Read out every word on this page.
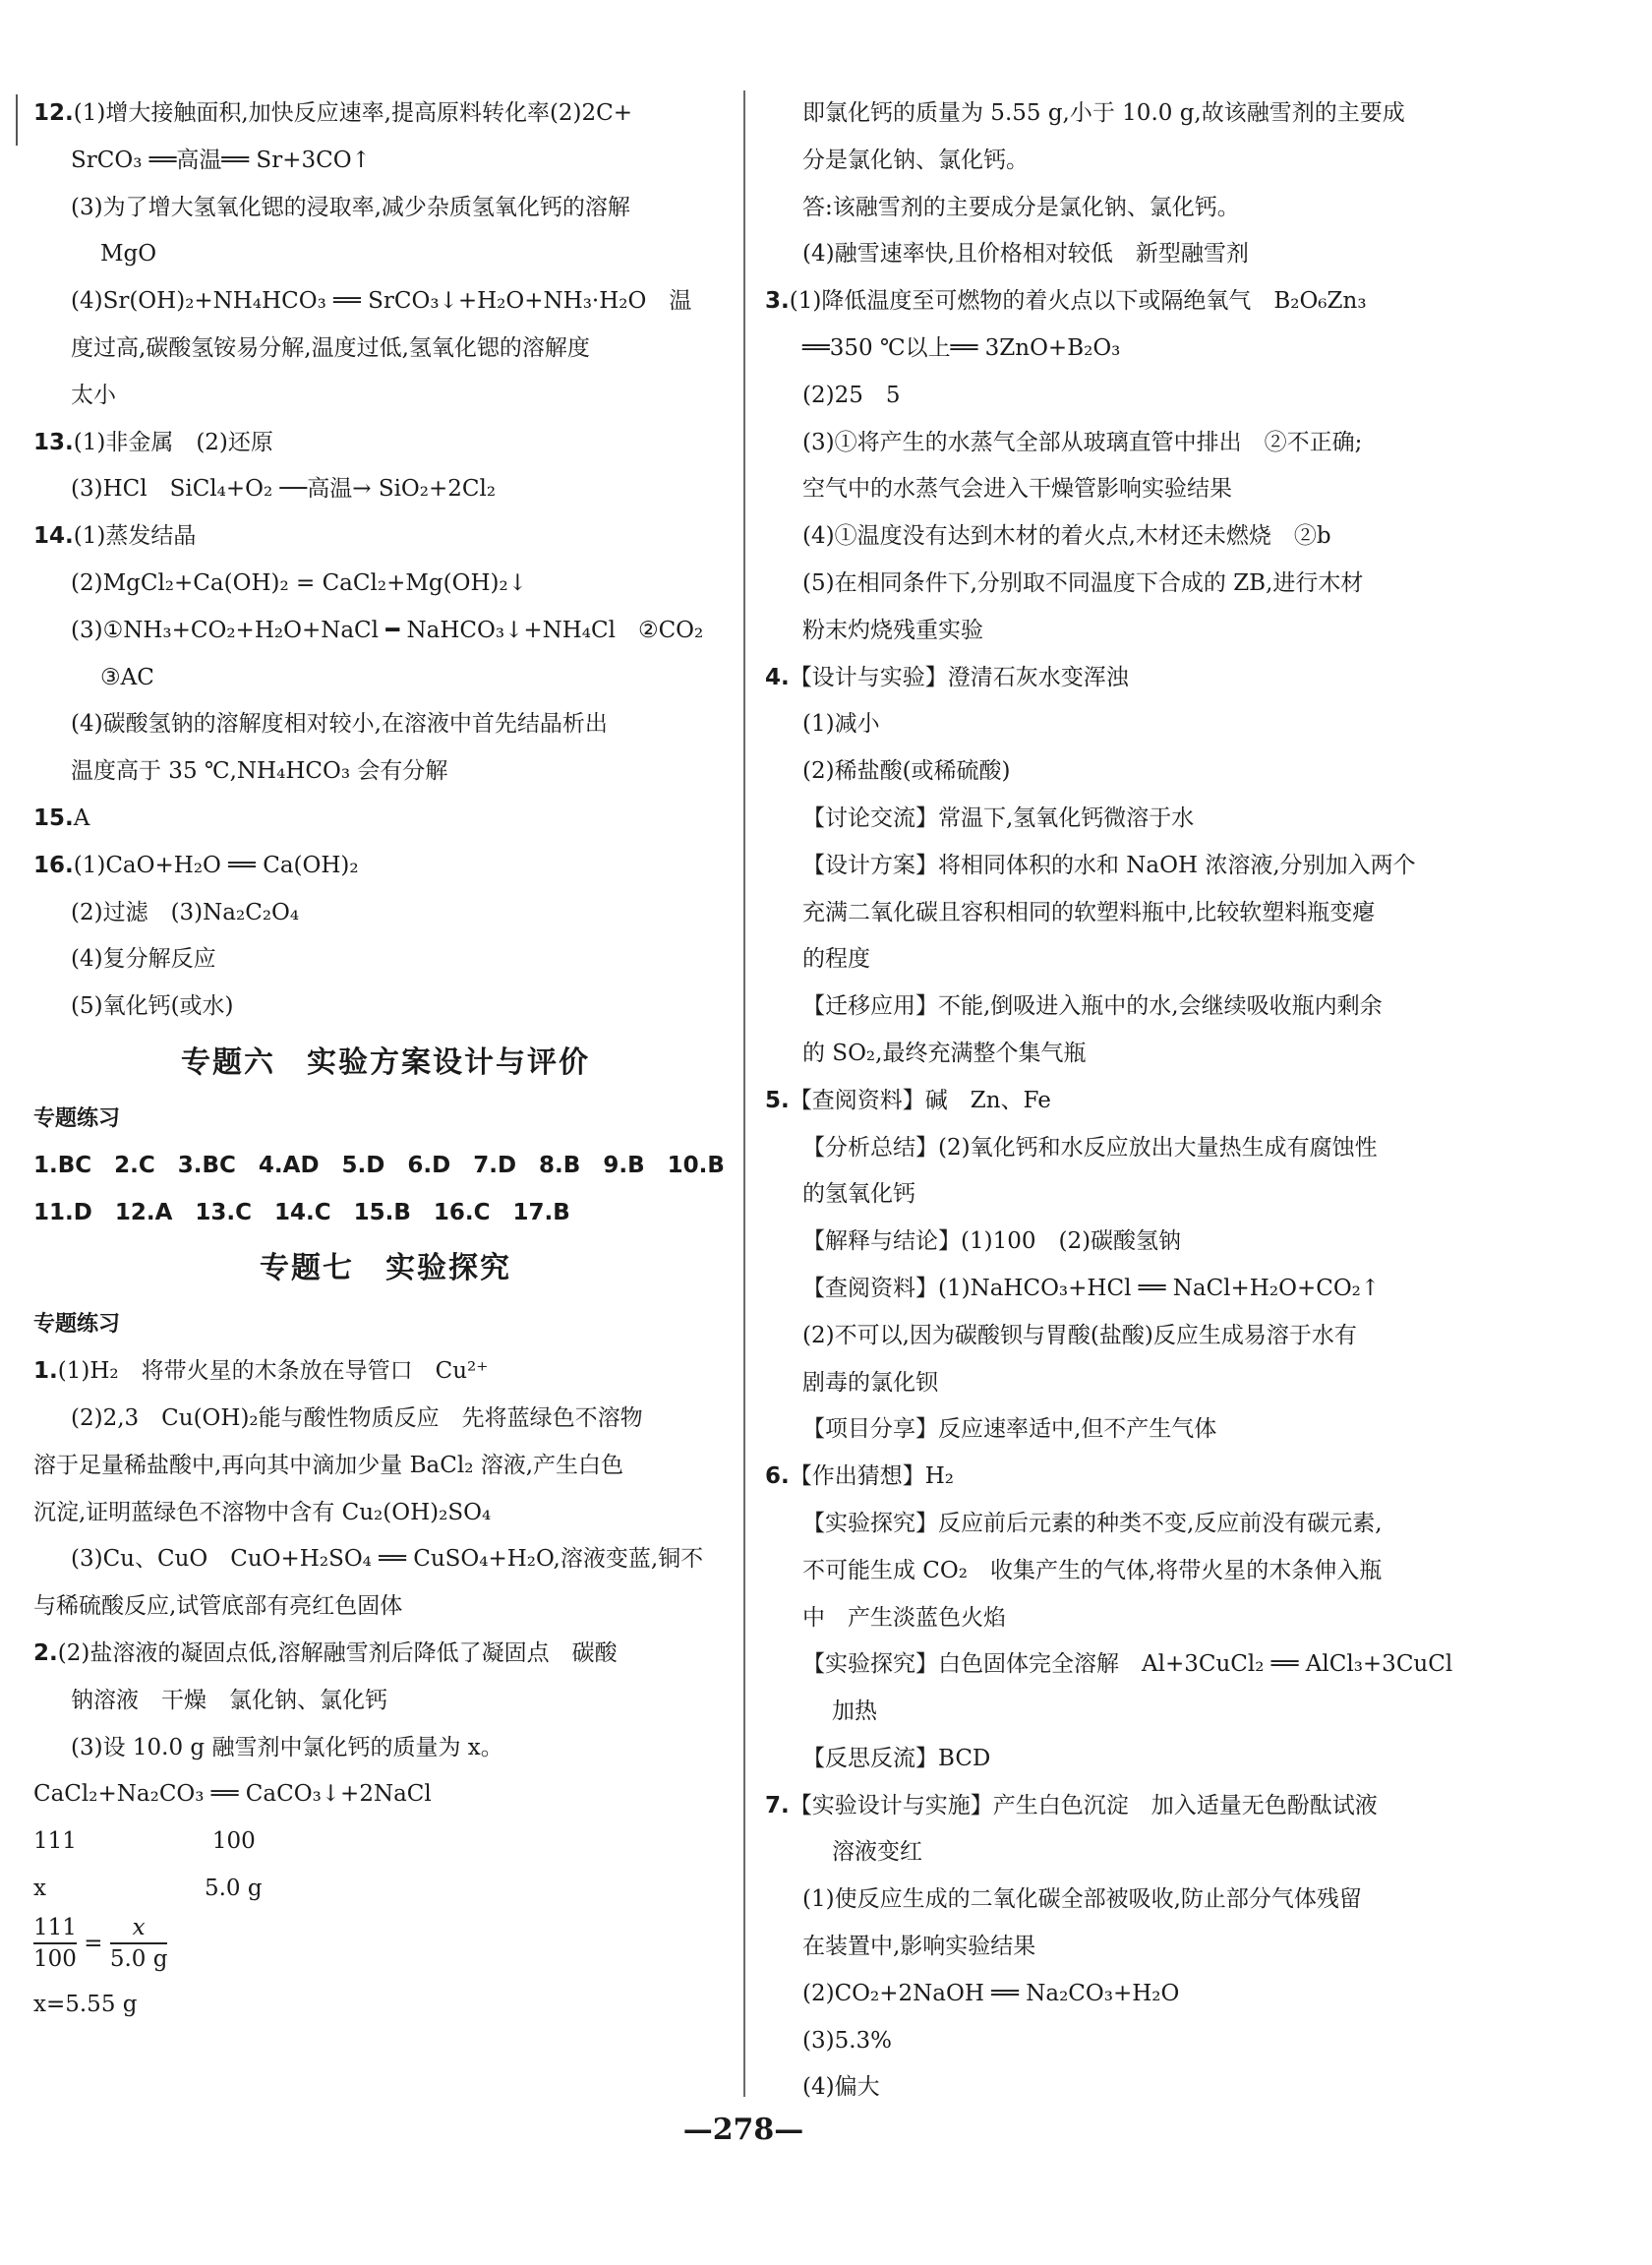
12.(1)增大接触面积,加快反应速率,提高原料转化率(2)2C+
SrCO₃ ══高温══ Sr+3CO↑
(3)为了增大氢氧化锶的浸取率,减少杂质氢氧化钙的溶解
MgO
(4)Sr(OH)₂+NH₄HCO₃ ══ SrCO₃↓+H₂O+NH₃·H₂O　温
度过高,碳酸氢铵易分解,温度过低,氢氧化锶的溶解度
太小
13.(1)非金属　(2)还原
(3)HCl　SiCl₄+O₂ ──高温→ SiO₂+2Cl₂
14.(1)蒸发结晶
(2)MgCl₂+Ca(OH)₂ = CaCl₂+Mg(OH)₂↓
(3)①NH₃+CO₂+H₂O+NaCl ━ NaHCO₃↓+NH₄Cl　②CO₂
③AC
(4)碳酸氢钠的溶解度相对较小,在溶液中首先结晶析出
温度高于 35 ℃,NH₄HCO₃ 会有分解
15.A
16.(1)CaO+H₂O ══ Ca(OH)₂
(2)过滤　(3)Na₂C₂O₄
(4)复分解反应
(5)氧化钙(或水)
专题六　实验方案设计与评价
专题练习
1.BC　2.C　3.BC　4.AD　5.D　6.D　7.D　8.B　9.B　10.B
11.D　12.A　13.C　14.C　15.B　16.C　17.B
专题七　实验探究
专题练习
1.(1)H₂　将带火星的木条放在导管口　Cu²⁺
(2)2,3　Cu(OH)₂能与酸性物质反应　先将蓝绿色不溶物
溶于足量稀盐酸中,再向其中滴加少量 BaCl₂ 溶液,产生白色
沉淀,证明蓝绿色不溶物中含有 Cu₂(OH)₂SO₄
(3)Cu、CuO　CuO+H₂SO₄ ══ CuSO₄+H₂O,溶液变蓝,铜不
与稀硫酸反应,试管底部有亮红色固体
2.(2)盐溶液的凝固点低,溶解融雪剂后降低了凝固点　碳酸
钠溶液　干燥　氯化钠、氯化钙
(3)设 10.0 g 融雪剂中氯化钙的质量为 x。
CaCl₂+Na₂CO₃ ══ CaCO₃↓+2NaCl
111　　　　　　100
x　　　　　　　5.0 g
$\frac{111}{100} = \frac{x}{5.0 g}$
x=5.55 g
即氯化钙的质量为 5.55 g,小于 10.0 g,故该融雪剂的主要成
分是氯化钠、氯化钙。
答:该融雪剂的主要成分是氯化钠、氯化钙。
(4)融雪速率快,且价格相对较低　新型融雪剂
3.(1)降低温度至可燃物的着火点以下或隔绝氧气　B₂O₆Zn₃
══350 ℃以上══ 3ZnO+B₂O₃
(2)25　5
(3)①将产生的水蒸气全部从玻璃直管中排出　②不正确;
空气中的水蒸气会进入干燥管影响实验结果
(4)①温度没有达到木材的着火点,木材还未燃烧　②b
(5)在相同条件下,分别取不同温度下合成的 ZB,进行木材
粉末灼烧残重实验
4.【设计与实验】澄清石灰水变浑浊
(1)减小
(2)稀盐酸(或稀硫酸)
【讨论交流】常温下,氢氧化钙微溶于水
【设计方案】将相同体积的水和 NaOH 浓溶液,分别加入两个
充满二氧化碳且容积相同的软塑料瓶中,比较软塑料瓶变瘪
的程度
【迁移应用】不能,倒吸进入瓶中的水,会继续吸收瓶内剩余
的 SO₂,最终充满整个集气瓶
5.【查阅资料】碱　Zn、Fe
【分析总结】(2)氧化钙和水反应放出大量热生成有腐蚀性
的氢氧化钙
【解释与结论】(1)100　(2)碳酸氢钠
【查阅资料】(1)NaHCO₃+HCl ══ NaCl+H₂O+CO₂↑
(2)不可以,因为碳酸钡与胃酸(盐酸)反应生成易溶于水有
剧毒的氯化钡
【项目分享】反应速率适中,但不产生气体
6.【作出猜想】H₂
【实验探究】反应前后元素的种类不变,反应前没有碳元素,
不可能生成 CO₂　收集产生的气体,将带火星的木条伸入瓶
中　产生淡蓝色火焰
【实验探究】白色固体完全溶解　Al+3CuCl₂ ══ AlCl₃+3CuCl
加热
【反思反流】BCD
7.【实验设计与实施】产生白色沉淀　加入适量无色酚酞试液
溶液变红
(1)使反应生成的二氧化碳全部被吸收,防止部分气体残留
在装置中,影响实验结果
(2)CO₂+2NaOH ══ Na₂CO₃+H₂O
(3)5.3%
(4)偏大
—278—
